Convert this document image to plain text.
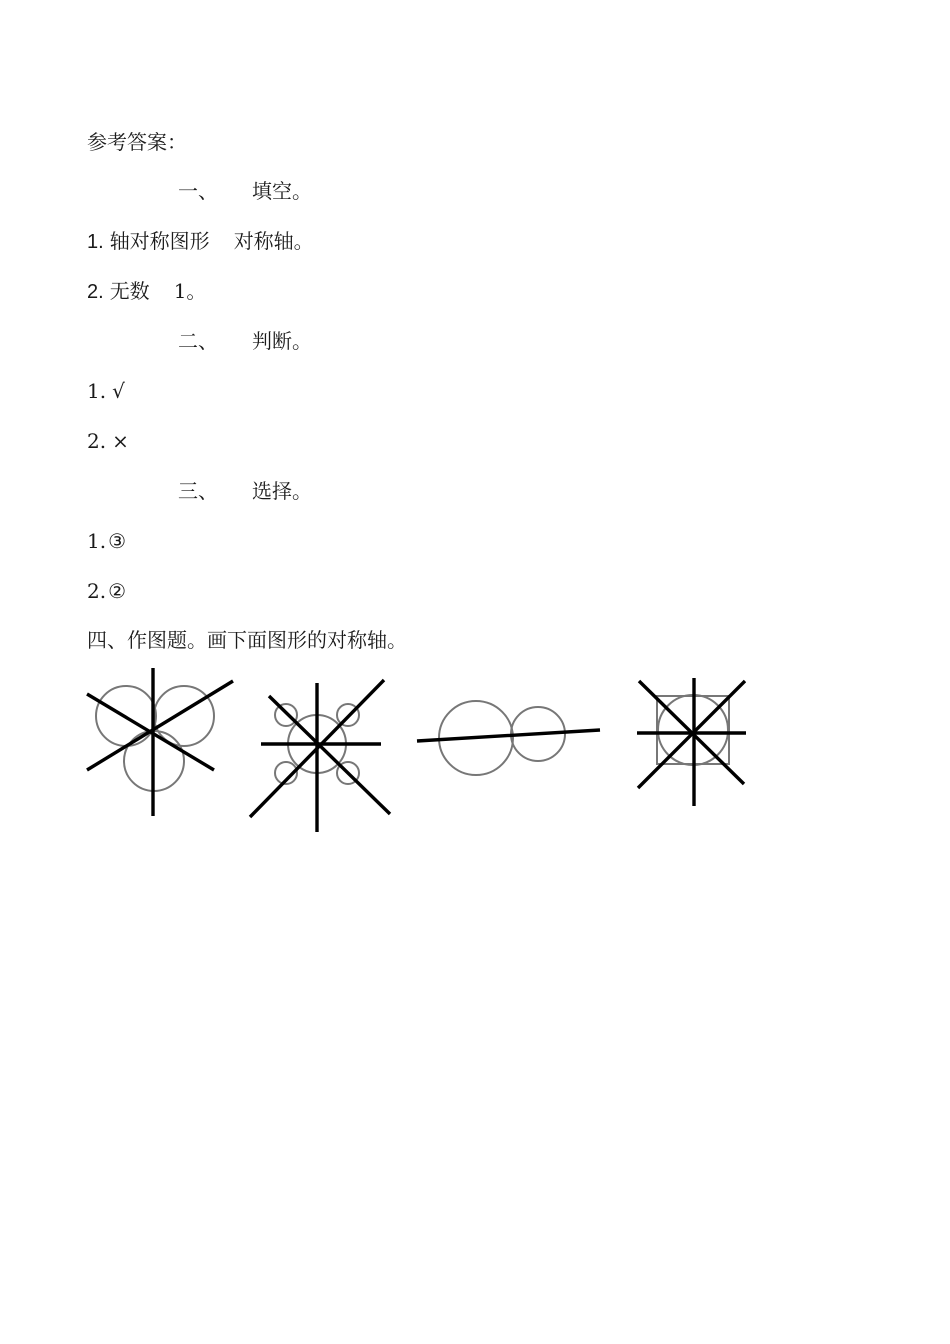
参考答案：
一、 填空。
1. 轴对称图形 对称轴。
2. 无数 1。
二、 判断。
1. √
2. ×
三、 选择。
1. ③
2. ②
四、作图题。画下面图形的对称轴。
